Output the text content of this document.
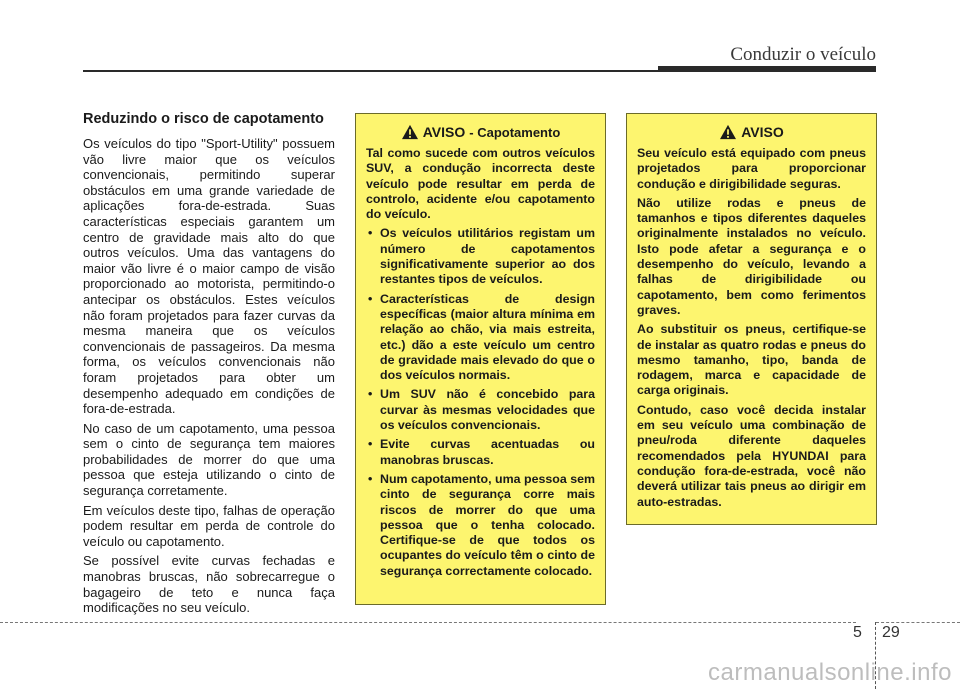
Conduzir o veículo
Reduzindo o risco de capotamento

Os veículos do tipo "Sport-Utility" possuem vão livre maior que os veículos convencionais, permitindo superar obstáculos em uma grande variedade de aplicações fora-de-estrada. Suas características especiais garantem um centro de gravidade mais alto do que outros veículos. Uma das vantagens do maior vão livre é o maior campo de visão proporcionado ao motorista, permitindo-o antecipar os obstáculos. Estes veículos não foram projetados para fazer curvas da mesma maneira que os veículos convencionais de passageiros. Da mesma forma, os veículos convencionais não foram projetados para obter um desempenho adequado em condições de fora-de-estrada.

No caso de um capotamento, uma pessoa sem o cinto de segurança tem maiores probabilidades de morrer do que uma pessoa que esteja utilizando o cinto de segurança corretamente.

Em veículos deste tipo, falhas de operação podem resultar em perda de controle do veículo ou capotamento.

Se possível evite curvas fechadas e manobras bruscas, não sobrecarregue o bagageiro de teto e nunca faça modificações no seu veículo.

AVISO - Capotamento

Tal como sucede com outros veículos SUV, a condução incorrecta deste veículo pode resultar em perda de controlo, acidente e/ou capotamento do veículo.

• Os veículos utilitários registam um número de capotamentos significativamente superior ao dos restantes tipos de veículos.
• Características de design específicas (maior altura mínima em relação ao chão, via mais estreita, etc.) dão a este veículo um centro de gravidade mais elevado do que o dos veículos normais.
• Um SUV não é concebido para curvar às mesmas velocidades que os veículos convencionais.
• Evite curvas acentuadas ou manobras bruscas.
• Num capotamento, uma pessoa sem cinto de segurança corre mais riscos de morrer do que uma pessoa que o tenha colocado. Certifique-se de que todos os ocupantes do veículo têm o cinto de segurança correctamente colocado.
AVISO

Seu veículo está equipado com pneus projetados para proporcionar condução e dirigibilidade seguras.

Não utilize rodas e pneus de tamanhos e tipos diferentes daqueles originalmente instalados no veículo. Isto pode afetar a segurança e o desempenho do veículo, levando a falhas de dirigibilidade ou capotamento, bem como ferimentos graves.

Ao substituir os pneus, certifique-se de instalar as quatro rodas e pneus do mesmo tamanho, tipo, banda de rodagem, marca e capacidade de carga originais.

Contudo, caso você decida instalar em seu veículo uma combinação de pneu/roda diferente daqueles recomendados pela HYUNDAI para condução fora-de-estrada, você não deverá utilizar tais pneus ao dirigir em auto-estradas.

5 29
carmanualsonline.info
